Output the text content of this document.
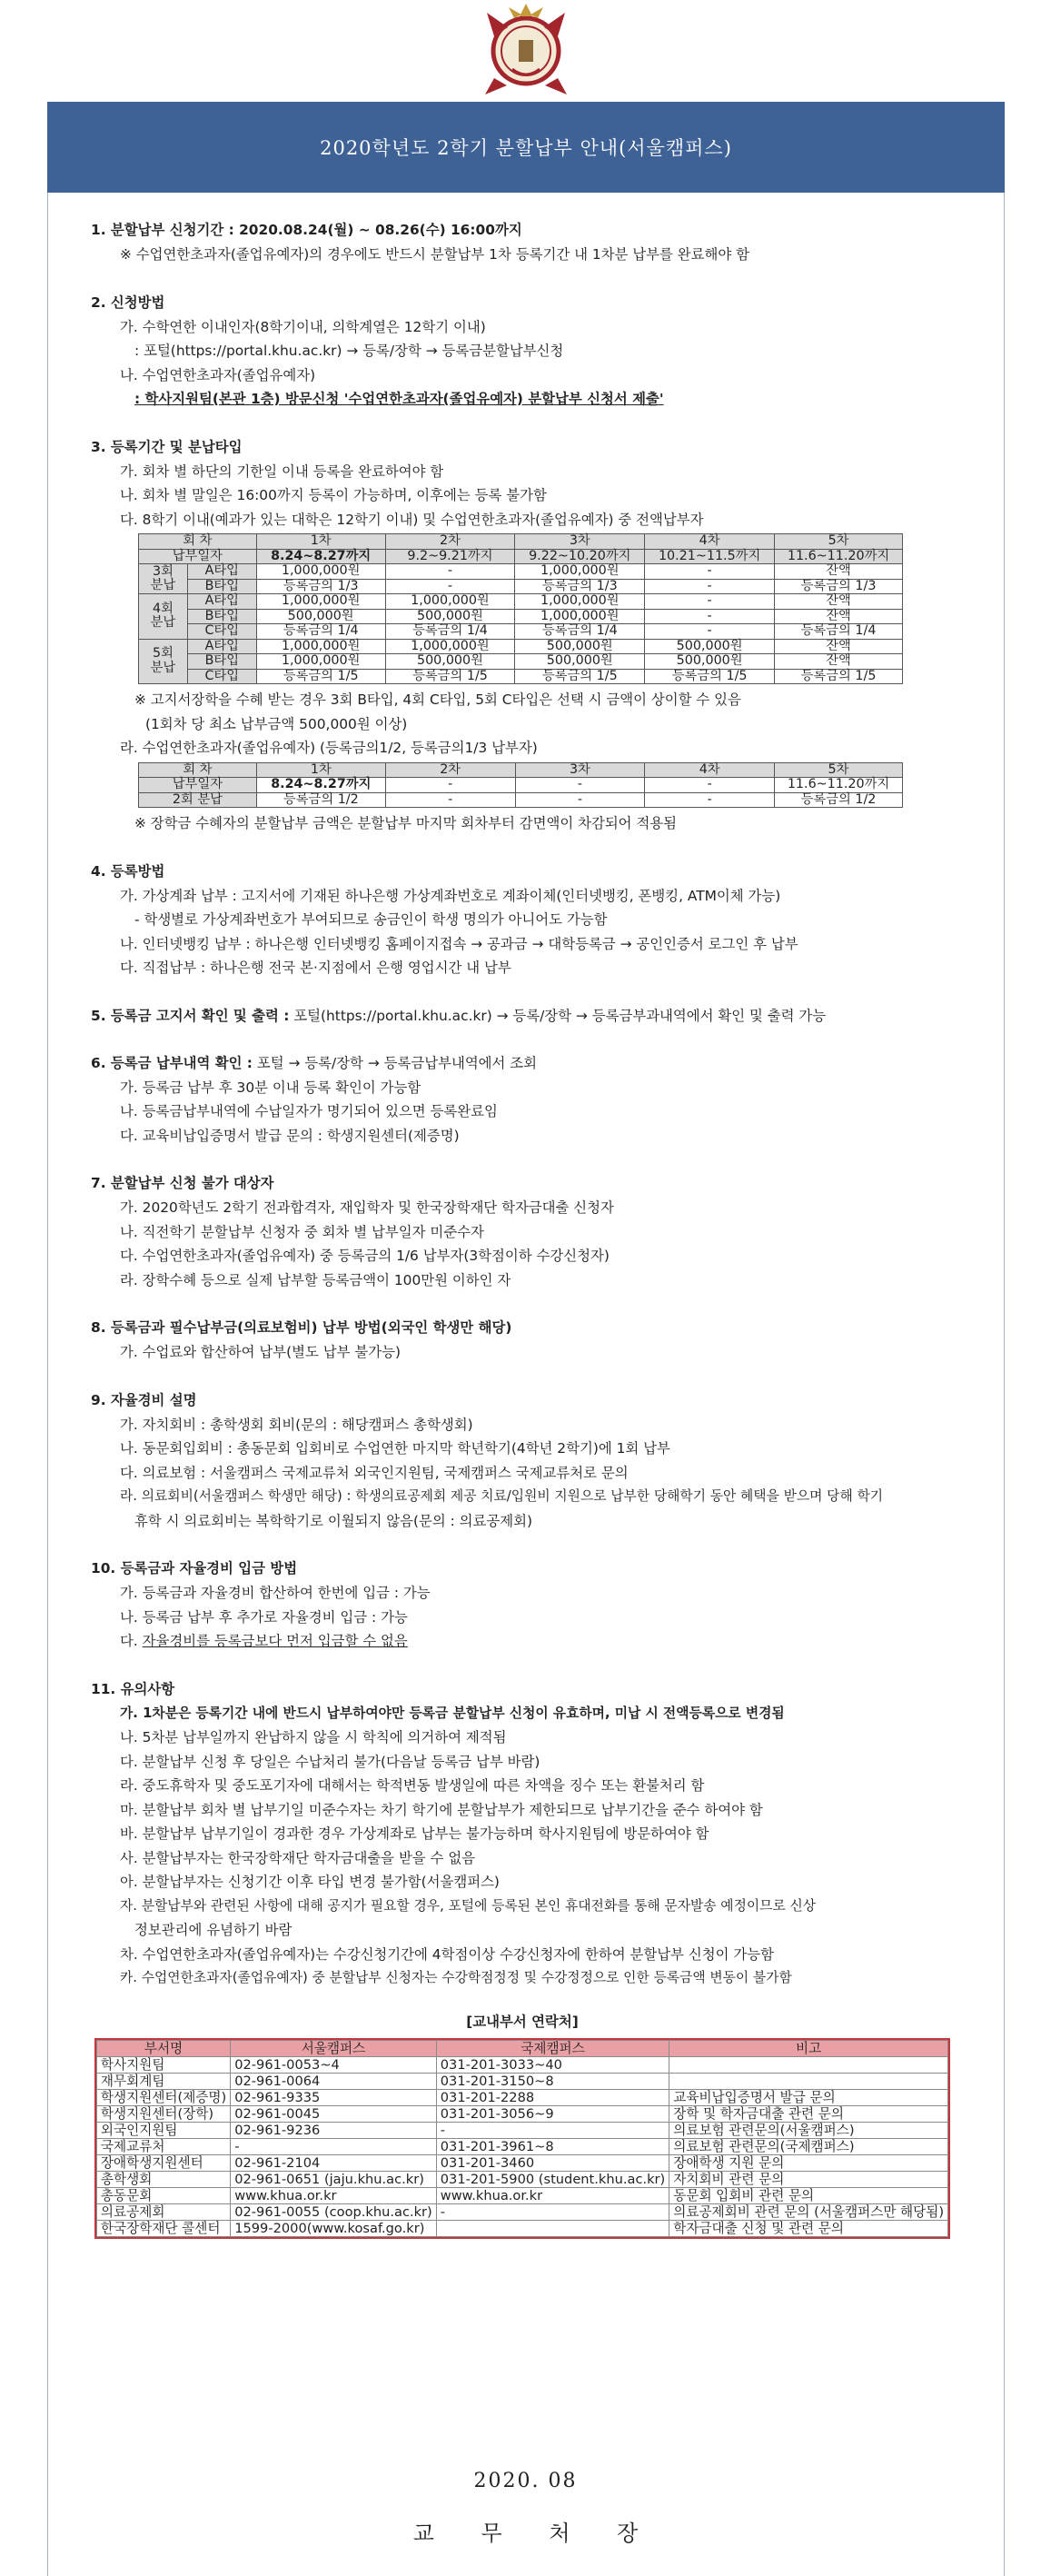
2020학년도 2학기 분할납부 안내(서울캠퍼스)
1. 분할납부 신청기간 : 2020.08.24(월) ~ 08.26(수) 16:00까지
※ 수업연한초과자(졸업유예자)의 경우에도 반드시 분할납부 1차 등록기간 내 1차분 납부를 완료해야 함
2. 신청방법
가. 수학연한 이내인자(8학기이내, 의학계열은 12학기 이내)
: 포털(https://portal.khu.ac.kr) → 등록/장학 → 등록금분할납부신청
나. 수업연한초과자(졸업유예자)
: 학사지원팀(본관 1층) 방문신청 '수업연한초과자(졸업유예자) 분할납부 신청서 제출'
3. 등록기간 및 분납타입
가. 회차 별 하단의 기한일 이내 등록을 완료하여야 함
나. 회차 별 말일은 16:00까지 등록이 가능하며, 이후에는 등록 불가함
다. 8학기 이내(예과가 있는 대학은 12학기 이내) 및 수업연한초과자(졸업유예자) 중 전액납부자
회 차		1차	2차	3차	4차	5차
납부일자		8.24~8.27까지	9.2~9.21까지	9.22~10.20까지	10.21~11.5까지	11.6~11.20까지
3회
분납	A타입	1,000,000원	-	1,000,000원	-	잔액
	B타입	등록금의 1/3	-	등록금의 1/3	-	등록금의 1/3
4회
분납	A타입	1,000,000원	1,000,000원	1,000,000원	-	잔액
	B타입	500,000원	500,000원	1,000,000원	-	잔액
	C타입	등록금의 1/4	등록금의 1/4	등록금의 1/4	-	등록금의 1/4
5회
분납	A타입	1,000,000원	1,000,000원	500,000원	500,000원	잔액
	B타입	1,000,000원	500,000원	500,000원	500,000원	잔액
	C타입	등록금의 1/5	등록금의 1/5	등록금의 1/5	등록금의 1/5	등록금의 1/5
※ 고지서장학을 수혜 받는 경우 3회 B타입, 4회 C타입, 5회 C타입은 선택 시 금액이 상이할 수 있음
(1회차 당 최소 납부금액 500,000원 이상)
라. 수업연한초과자(졸업유예자) (등록금의1/2, 등록금의1/3 납부자)
회 차	1차	2차	3차	4차	5차
납부일자	8.24~8.27까지	-	-	-	11.6~11.20까지
2회 분납	등록금의 1/2	-	-	-	등록금의 1/2
※ 장학금 수혜자의 분할납부 금액은 분할납부 마지막 회차부터 감면액이 차감되어 적용됨
4. 등록방법
가. 가상계좌 납부 : 고지서에 기재된 하나은행 가상계좌번호로 계좌이체(인터넷뱅킹, 폰뱅킹, ATM이체 가능)
- 학생별로 가상계좌번호가 부여되므로 송금인이 학생 명의가 아니어도 가능함
나. 인터넷뱅킹 납부 : 하나은행 인터넷뱅킹 홈페이지접속 → 공과금 → 대학등록금 → 공인인증서 로그인 후 납부
다. 직접납부 : 하나은행 전국 본·지점에서 은행 영업시간 내 납부
5. 등록금 고지서 확인 및 출력 : 포털(https://portal.khu.ac.kr) → 등록/장학 → 등록금부과내역에서 확인 및 출력 가능
6. 등록금 납부내역 확인 : 포털 → 등록/장학 → 등록금납부내역에서 조회
가. 등록금 납부 후 30분 이내 등록 확인이 가능함
나. 등록금납부내역에 수납일자가 명기되어 있으면 등록완료임
다. 교육비납입증명서 발급 문의 : 학생지원센터(제증명)
7. 분할납부 신청 불가 대상자
가. 2020학년도 2학기 전과합격자, 재입학자 및 한국장학재단 학자금대출 신청자
나. 직전학기 분할납부 신청자 중 회차 별 납부일자 미준수자
다. 수업연한초과자(졸업유예자) 중 등록금의 1/6 납부자(3학점이하 수강신청자)
라. 장학수혜 등으로 실제 납부할 등록금액이 100만원 이하인 자
8. 등록금과 필수납부금(의료보험비) 납부 방법(외국인 학생만 해당)
가. 수업료와 합산하여 납부(별도 납부 불가능)
9. 자율경비 설명
가. 자치회비 : 총학생회 회비(문의 : 해당캠퍼스 총학생회)
나. 동문회입회비 : 총동문회 입회비로 수업연한 마지막 학년학기(4학년 2학기)에 1회 납부
다. 의료보험 : 서울캠퍼스 국제교류처 외국인지원팀, 국제캠퍼스 국제교류처로 문의
라. 의료회비(서울캠퍼스 학생만 해당) : 학생의료공제회 제공 치료/입원비 지원으로 납부한 당해학기 동안 혜택을 받으며 당해 학기
휴학 시 의료회비는 복학학기로 이월되지 않음(문의 : 의료공제회)
10. 등록금과 자율경비 입금 방법
가. 등록금과 자율경비 합산하여 한번에 입금 : 가능
나. 등록금 납부 후 추가로 자율경비 입금 : 가능
다. 자율경비를 등록금보다 먼저 입금할 수 없음
11. 유의사항
가. 1차분은 등록기간 내에 반드시 납부하여야만 등록금 분할납부 신청이 유효하며, 미납 시 전액등록으로 변경됨
나. 5차분 납부일까지 완납하지 않을 시 학칙에 의거하여 제적됨
다. 분할납부 신청 후 당일은 수납처리 불가(다음날 등록금 납부 바람)
라. 중도휴학자 및 중도포기자에 대해서는 학적변동 발생일에 따른 차액을 징수 또는 환불처리 함
마. 분할납부 회차 별 납부기일 미준수자는 차기 학기에 분할납부가 제한되므로 납부기간을 준수 하여야 함
바. 분할납부 납부기일이 경과한 경우 가상계좌로 납부는 불가능하며 학사지원팀에 방문하여야 함
사. 분할납부자는 한국장학재단 학자금대출을 받을 수 없음
아. 분할납부자는 신청기간 이후 타입 변경 불가함(서울캠퍼스)
자. 분할납부와 관련된 사항에 대해 공지가 필요할 경우, 포털에 등록된 본인 휴대전화를 통해 문자발송 예정이므로 신상
정보관리에 유념하기 바람
차. 수업연한초과자(졸업유예자)는 수강신청기간에 4학점이상 수강신청자에 한하여 분할납부 신청이 가능함
카. 수업연한초과자(졸업유예자) 중 분할납부 신청자는 수강학점정정 및 수강정정으로 인한 등록금액 변동이 불가함
[교내부서 연락처]
부서명	서울캠퍼스	국제캠퍼스	비고
학사지원팀	02-961-0053~4	031-201-3033~40	
재무회계팀	02-961-0064	031-201-3150~8	
학생지원센터(제증명)	02-961-9335	031-201-2288	교육비납입증명서 발급 문의
학생지원센터(장학)	02-961-0045	031-201-3056~9	장학 및 학자금대출 관련 문의
외국인지원팀	02-961-9236	-	의료보험 관련문의(서울캠퍼스)
국제교류처	-	031-201-3961~8	의료보험 관련문의(국제캠퍼스)
장애학생지원센터	02-961-2104	031-201-3460	장애학생 지원 문의
총학생회	02-961-0651 (jaju.khu.ac.kr)	031-201-5900 (student.khu.ac.kr)	자치회비 관련 문의
총동문회	www.khua.or.kr	www.khua.or.kr	동문회 입회비 관련 문의
의료공제회	02-961-0055 (coop.khu.ac.kr)	-	의료공제회비 관련 문의 (서울캠퍼스만 해당됨)
한국장학재단 콜센터	1599-2000(www.kosaf.go.kr)		학자금대출 신청 및 관련 문의
2020. 08
교 무 처 장
